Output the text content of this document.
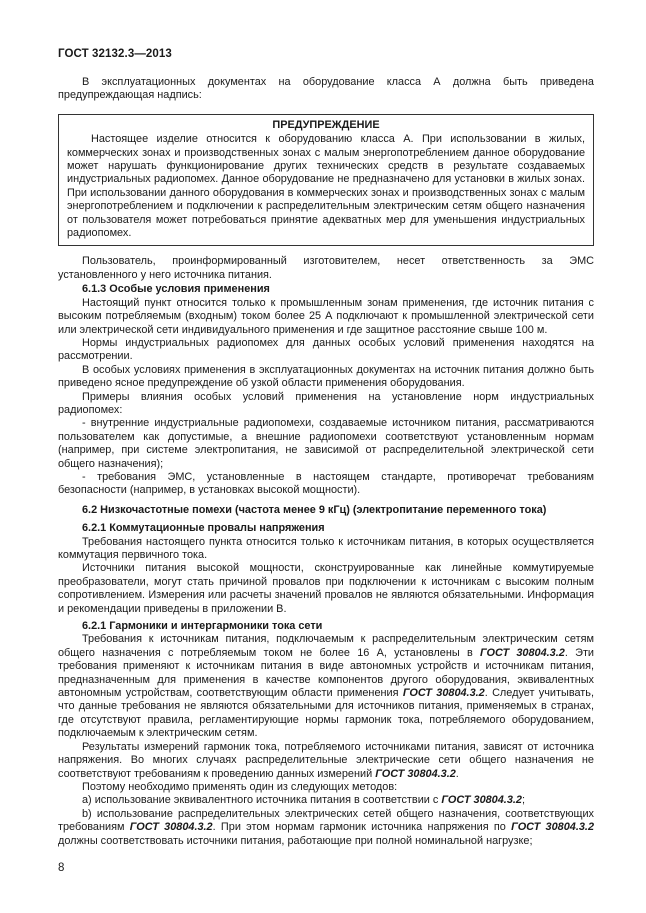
ГОСТ 32132.3—2013

В эксплуатационных документах на оборудование класса А должна быть приведена предупреждающая надпись:

ПРЕДУПРЕЖДЕНИЕ

Настоящее изделие относится к оборудованию класса А. При использовании в жилых, коммерческих зонах и производственных зонах с малым энергопотреблением данное оборудование может нарушать функционирование других технических средств в результате создаваемых индустриальных радиопомех. Данное оборудование не предназначено для установки в жилых зонах. При использовании данного оборудования в коммерческих зонах и производственных зонах с малым энергопотреблением и подключении к распределительным электрическим сетям общего назначения от пользователя может потребоваться принятие адекватных мер для уменьшения индустриальных радиопомех.

Пользователь, проинформированный изготовителем, несет ответственность за ЭМС установленного у него источника питания.

6.1.3 Особые условия применения

Настоящий пункт относится только к промышленным зонам применения, где источник питания с высоким потребляемым (входным) током более 25 А подключают к промышленной электрической сети или электрической сети индивидуального применения и где защитное расстояние свыше 100 м.

Нормы индустриальных радиопомех для данных особых условий применения находятся на рассмотрении.

В особых условиях применения в эксплуатационных документах на источник питания должно быть приведено ясное предупреждение об узкой области применения оборудования.

Примеры влияния особых условий применения на установление норм индустриальных радиопомех:

- внутренние индустриальные радиопомехи, создаваемые источником питания, рассматриваются пользователем как допустимые, а внешние радиопомехи соответствуют установленным нормам (например, при системе электропитания, не зависимой от распределительной электрической сети общего назначения);

- требования ЭМС, установленные в настоящем стандарте, противоречат требованиям безопасности (например, в установках высокой мощности).

6.2 Низкочастотные помехи (частота менее 9 кГц) (электропитание переменного тока)

6.2.1 Коммутационные провалы напряжения

Требования настоящего пункта относится только к источникам питания, в которых осуществляется коммутация первичного тока.

Источники питания высокой мощности, сконструированные как линейные коммутируемые преобразователи, могут стать причиной провалов при подключении к источникам с высоким полным сопротивлением. Измерения или расчеты значений провалов не являются обязательными. Информация и рекомендации приведены в приложении В.

6.2.1 Гармоники и интергармоники тока сети

Требования к источникам питания, подключаемым к распределительным электрическим сетям общего назначения с потребляемым током не более 16 А, установлены в ГОСТ 30804.3.2. Эти требования применяют к источникам питания в виде автономных устройств и источникам питания, предназначенным для применения в качестве компонентов другого оборудования, эквивалентных автономным устройствам, соответствующим области применения ГОСТ 30804.3.2. Следует учитывать, что данные требования не являются обязательными для источников питания, применяемых в странах, где отсутствуют правила, регламентирующие нормы гармоник тока, потребляемого оборудованием, подключаемым к электрическим сетям.

Результаты измерений гармоник тока, потребляемого источниками питания, зависят от источника напряжения. Во многих случаях распределительные электрические сети общего назначения не соответствуют требованиям к проведению данных измерений ГОСТ 30804.3.2.

Поэтому необходимо применять один из следующих методов:

а) использование эквивалентного источника питания в соответствии с ГОСТ 30804.3.2;

b) использование распределительных электрических сетей общего назначения, соответствующих требованиям ГОСТ 30804.3.2. При этом нормам гармоник источника напряжения по ГОСТ 30804.3.2 должны соответствовать источники питания, работающие при полной номинальной нагрузке;

8
